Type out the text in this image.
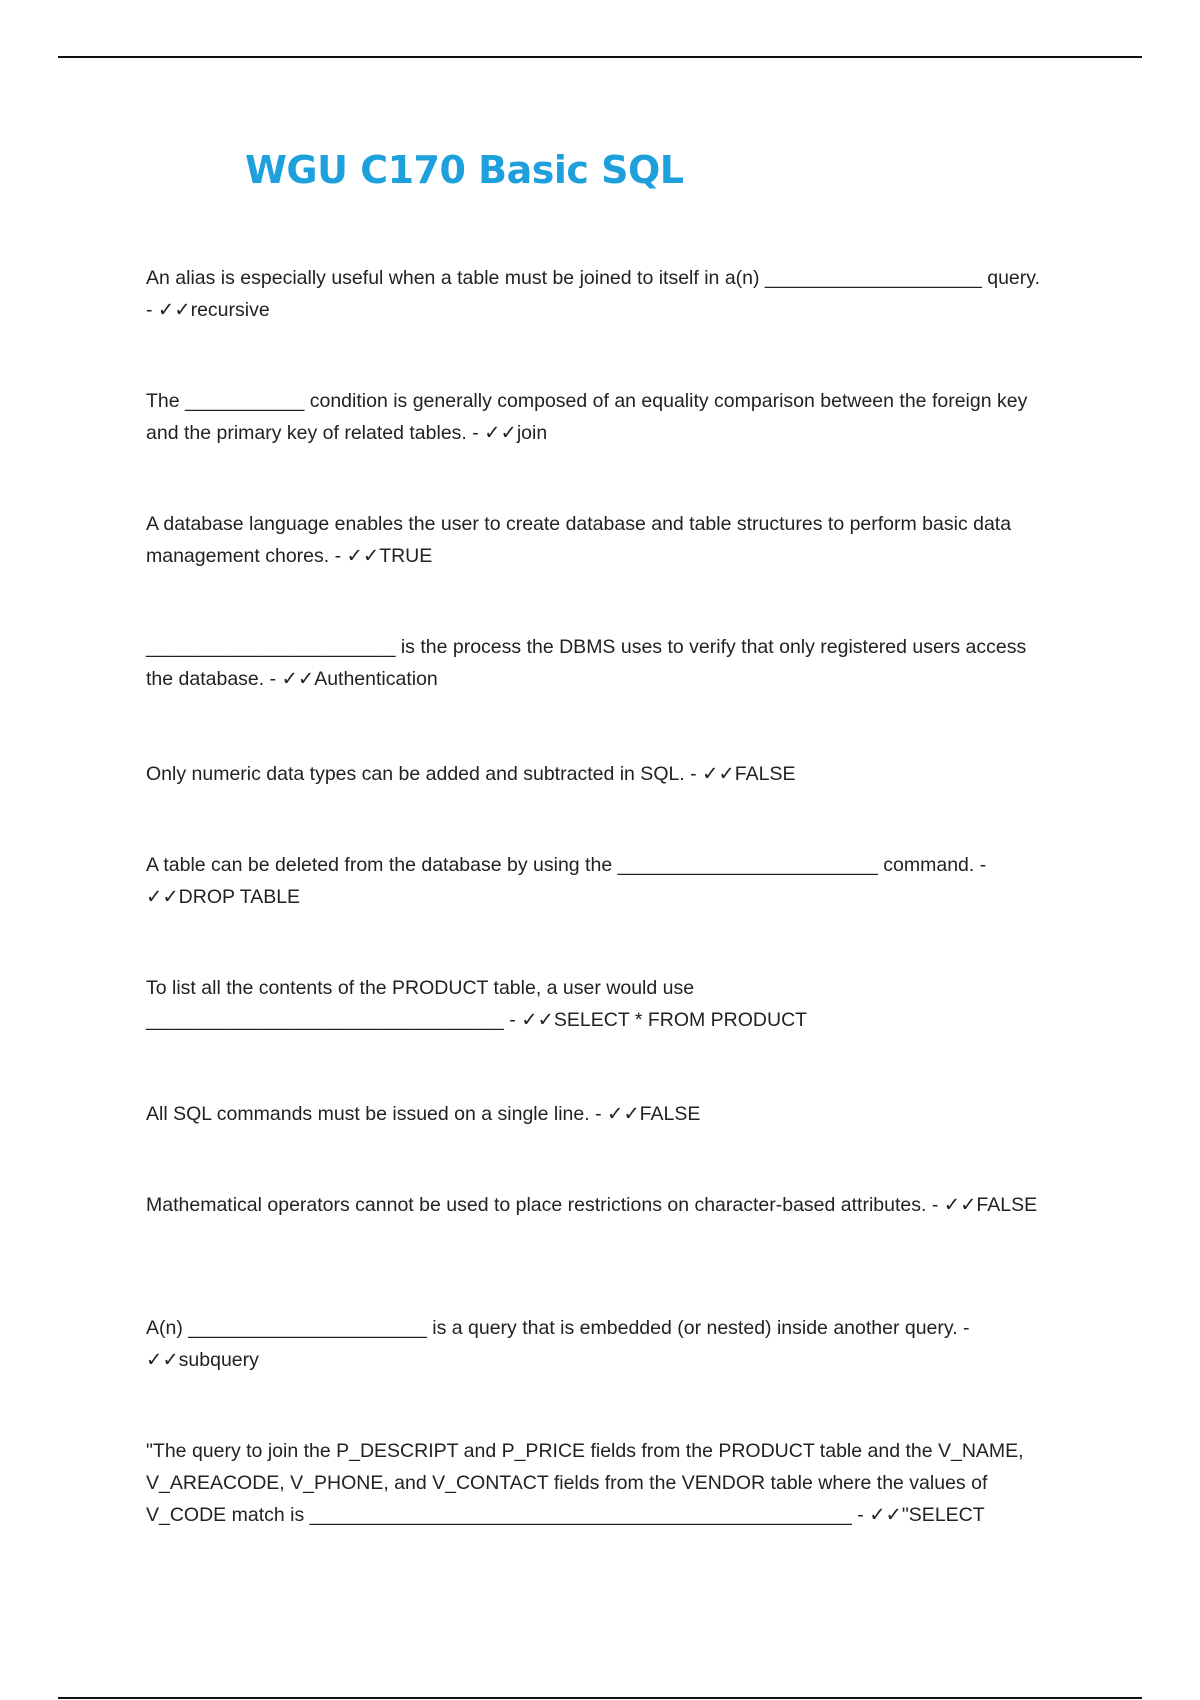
WGU C170 Basic SQL

An alias is especially useful when a table must be joined to itself in a(n) ____________________ query. - ✓✓recursive

The ___________ condition is generally composed of an equality comparison between the foreign key and the primary key of related tables. - ✓✓join

A database language enables the user to create database and table structures to perform basic data management chores. - ✓✓TRUE

_______________________ is the process the DBMS uses to verify that only registered users access the database. - ✓✓Authentication

Only numeric data types can be added and subtracted in SQL. - ✓✓FALSE

A table can be deleted from the database by using the ________________________ command. - ✓✓DROP TABLE

To list all the contents of the PRODUCT table, a user would use _________________________________ - ✓✓SELECT * FROM PRODUCT

All SQL commands must be issued on a single line. - ✓✓FALSE

Mathematical operators cannot be used to place restrictions on character-based attributes. - ✓✓FALSE

A(n) ______________________ is a query that is embedded (or nested) inside another query. - ✓✓subquery

"The query to join the P_DESCRIPT and P_PRICE fields from the PRODUCT table and the V_NAME, V_AREACODE, V_PHONE, and V_CONTACT fields from the VENDOR table where the values of V_CODE match is __________________________________________________ - ✓✓"SELECT
